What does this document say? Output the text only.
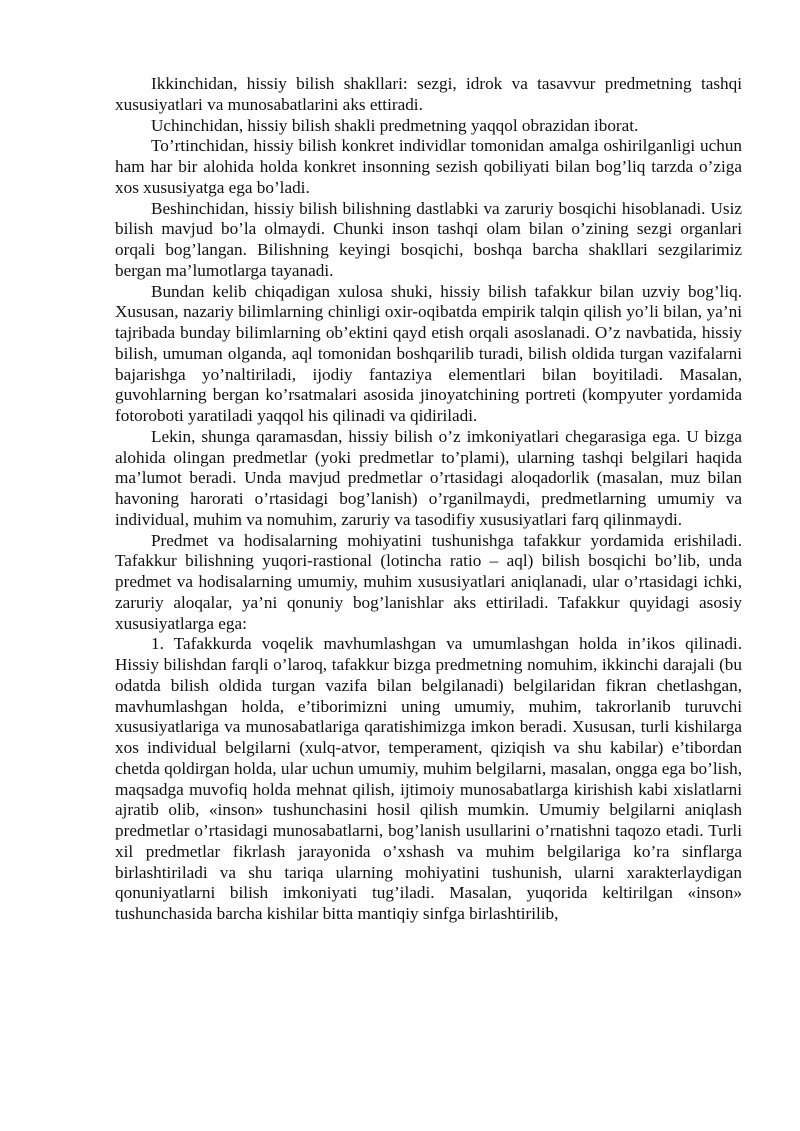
Ikkinchidan, hissiy bilish shakllari: sezgi, idrok va tasavvur predmetning tashqi xususiyatlari va munosabatlarini aks ettiradi.

Uchinchidan, hissiy bilish shakli predmetning yaqqol obrazidan iborat.

To’rtinchidan, hissiy bilish konkret individlar tomonidan amalga oshirilganligi uchun ham har bir alohida holda konkret insonning sezish qobiliyati bilan bog’liq tarzda o’ziga xos xususiyatga ega bo’ladi.

Beshinchidan, hissiy bilish bilishning dastlabki va zaruriy bosqichi hisoblanadi. Usiz bilish mavjud bo’la olmaydi. Chunki inson tashqi olam bilan o’zining sezgi organlari orqali bog’langan. Bilishning keyingi bosqichi, boshqa barcha shakllari sezgilarimiz bergan ma’lumotlarga tayanadi.

Bundan kelib chiqadigan xulosa shuki, hissiy bilish tafakkur bilan uzviy bog’liq. Xususan, nazariy bilimlarning chinligi oxir-oqibatda empirik talqin qilish yo’li bilan, ya’ni tajribada bunday bilimlarning ob’ektini qayd etish orqali asoslanadi. O’z navbatida, hissiy bilish, umuman olganda, aql tomonidan boshqarilib turadi, bilish oldida turgan vazifalarni bajarishga yo’naltiriladi, ijodiy fantaziya elementlari bilan boyitiladi. Masalan, guvohlarning bergan ko’rsatmalari asosida jinoyatchining portreti (kompyuter yordamida fotoroboti yaratiladi yaqqol his qilinadi va qidiriladi.

Lekin, shunga qaramasdan, hissiy bilish o’z imkoniyatlari chegarasiga ega. U bizga alohida olingan predmetlar (yoki predmetlar to’plami), ularning tashqi belgilari haqida ma’lumot beradi. Unda mavjud predmetlar o’rtasidagi aloqadorlik (masalan, muz bilan havoning harorati o’rtasidagi bog’lanish) o’rganilmaydi, predmetlarning umumiy va individual, muhim va nomuhim, zaruriy va tasodifiy xususiyatlari farq qilinmaydi.

Predmet va hodisalarning mohiyatini tushunishga tafakkur yordamida erishiladi. Tafakkur bilishning yuqori-rastional (lotincha ratio – aql) bilish bosqichi bo’lib, unda predmet va hodisalarning umumiy, muhim xususiyatlari aniqlanadi, ular o’rtasidagi ichki, zaruriy aloqalar, ya’ni qonuniy bog’lanishlar aks ettiriladi. Tafakkur quyidagi asosiy xususiyatlarga ega:

1. Tafakkurda voqelik mavhumlashgan va umumlashgan holda in’ikos qilinadi. Hissiy bilishdan farqli o’laroq, tafakkur bizga predmetning nomuhim, ikkinchi darajali (bu odatda bilish oldida turgan vazifa bilan belgilanadi) belgilaridan fikran chetlashgan, mavhumlashgan holda, e’tiborimizni uning umumiy, muhim, takrorlanib turuvchi xususiyatlariga va munosabatlariga qaratishimizga imkon beradi. Xususan, turli kishilarga xos individual belgilarni (xulq-atvor, temperament, qiziqish va shu kabilar) e’tibordan chetda qoldirgan holda, ular uchun umumiy, muhim belgilarni, masalan, ongga ega bo’lish, maqsadga muvofiq holda mehnat qilish, ijtimoiy munosabatlarga kirishish kabi xislatlarni ajratib olib, «inson» tushunchasini hosil qilish mumkin. Umumiy belgilarni aniqlash predmetlar o’rtasidagi munosabatlarni, bog’lanish usullarini o’rnatishni taqozo etadi. Turli xil predmetlar fikrlash jarayonida o’xshash va muhim belgilariga ko’ra sinflarga birlashtiriladi va shu tariqa ularning mohiyatini tushunish, ularni xarakterlaydigan qonuniyatlarni bilish imkoniyati tug’iladi. Masalan, yuqorida keltirilgan «inson» tushunchasida barcha kishilar bitta mantiqiy sinfga birlashtirilib,
